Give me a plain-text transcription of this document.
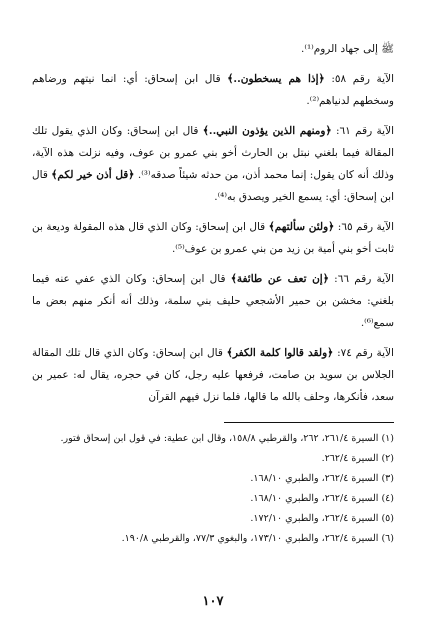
ﷺ إلى جهاد الروم⁽¹⁾.

الآية رقم ٥٨: ﴿إذا هم يسخطون..﴾ قال ابن إسحاق: أي: انما نيتهم ورضاهم وسخطهم لدنياهم⁽²⁾.

الآية رقم ٦١: ﴿ومنهم الذين يؤذون النبي..﴾ قال ابن إسحاق: وكان الذي يقول تلك المقالة فيما بلغني نبتل بن الحارث أخو بني عمرو بن عوف، وفيه نزلت هذه الآية، وذلك أنه كان يقول: إنما محمد أذن، من حدثه شيئاً صدقه⁽³⁾. ﴿قل أذن خير لكم﴾ قال ابن إسحاق: أي: يسمع الخير ويصدق به⁽⁴⁾.

الآية رقم ٦٥: ﴿ولئن سألتهم﴾ قال ابن إسحاق: وكان الذي قال هذه المقولة وديعة بن ثابت أخو بني أمية بن زيد من بني عمرو بن عوف⁽⁵⁾.

الآية رقم ٦٦: ﴿إن تعف عن طائفة﴾ قال ابن إسحاق: وكان الذي عفي عنه فيما بلغني: مخشن بن حمير الأشجعي حليف بني سلمة، وذلك أنه أنكر منهم بعض ما سمع⁽⁶⁾.

الآية رقم ٧٤: ﴿ولقد قالوا كلمة الكفر﴾ قال ابن إسحاق: وكان الذي قال تلك المقالة الجلاس بن سويد بن صامت، فرفعها عليه رجل، كان في حجره، يقال له: عمير بن سعد، فأنكرها، وحلف بالله ما قالها، فلما نزل فيهم القرآن

(١) السيرة ٢٦١/٤، ٢٦٢، والقرطبي ١٥٨/٨، وقال ابن عطية: في قول ابن إسحاق فتور.

(٢) السيرة ٢٦٢/٤.

(٣) السيرة ٢٦٢/٤، والطبري ١٦٨/١٠.

(٤) السيرة ٢٦٢/٤، والطبري ١٦٨/١٠.

(٥) السيرة ٢٦٢/٤، والطبري ١٧٢/١٠.

(٦) السيرة ٢٦٢/٤، والطبري ١٧٣/١٠، والبغوي ٧٧/٣، والقرطبي ١٩٠/٨.

١٠٧
